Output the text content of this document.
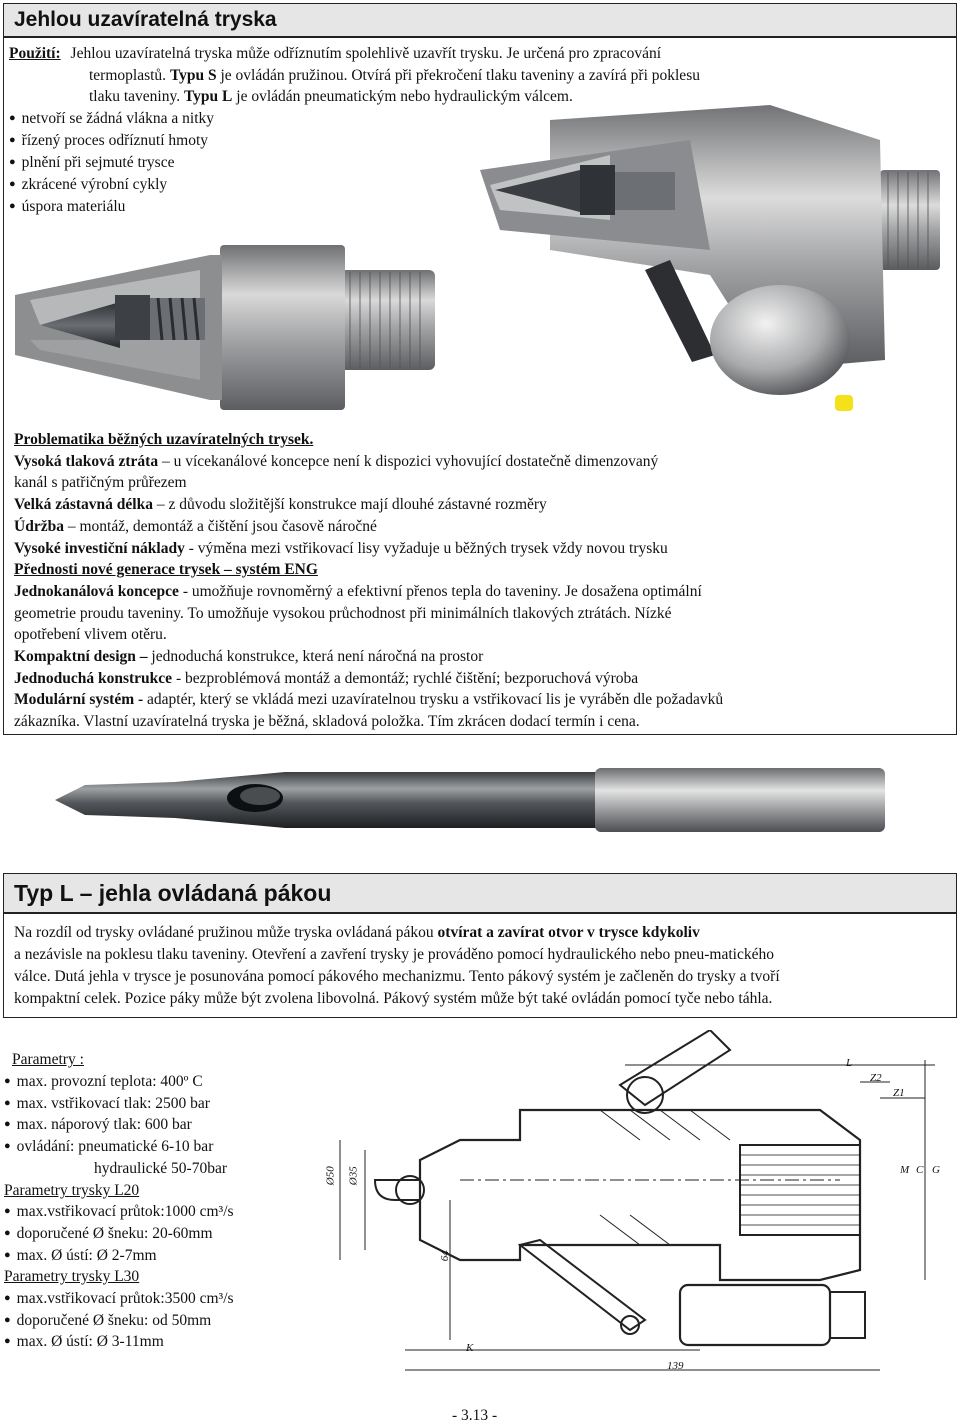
Jehlou uzavíratelná tryska
Použití: Jehlou uzavíratelná tryska může odříznutím spolehlivě uzavřít trysku. Je určená pro zpracování
termoplastů. Typu S je ovládán pružinou. Otvírá při překročení tlaku taveniny a zavírá při poklesu
tlaku taveniny. Typu L je ovládán pneumatickým nebo hydraulickým válcem.
● netvoří se žádná vlákna a nitky
● řízený proces odříznutí hmoty
● plnění při sejmuté trysce
● zkrácené výrobní cykly
● úspora materiálu
Problematika běžných uzavíratelných trysek.
Vysoká tlaková ztráta – u vícekanálové koncepce není k dispozici vyhovující dostatečně dimenzovaný
kanál s patřičným průřezem
Velká zástavná délka – z důvodu složitější konstrukce mají dlouhé zástavné rozměry
Údržba – montáž, demontáž a čištění jsou časově náročné
Vysoké investiční náklady - výměna mezi vstřikovací lisy vyžaduje u běžných trysek vždy novou trysku
Přednosti nové generace trysek – systém ENG
Jednokanálová koncepce - umožňuje rovnoměrný a efektivní přenos tepla do taveniny. Je dosažena optimální
geometrie proudu taveniny. To umožňuje vysokou průchodnost při minimálních tlakových ztrátách. Nízké
opotřebení vlivem otěru.
Kompaktní design – jednoduchá konstrukce, která není náročná na prostor
Jednoduchá konstrukce - bezproblémová montáž a demontáž; rychlé čištění; bezporuchová výroba
Modulární systém - adaptér, který se vkládá mezi uzavíratelnou trysku a vstřikovací lis je vyráběn dle požadavků
zákazníka. Vlastní uzavíratelná tryska je běžná, skladová položka. Tím zkrácen dodací termín i cena.
Typ L – jehla ovládaná pákou
Na rozdíl od trysky ovládané pružinou může tryska ovládaná pákou otvírat a zavírat otvor v trysce kdykoliv
a nezávisle na poklesu tlaku taveniny. Otevření a zavření trysky je prováděno pomocí hydraulického nebo pneu-matického
válce. Dutá jehla v trysce je posunována pomocí pákového mechanizmu. Tento pákový systém je začleněn do trysky a tvoří
kompaktní celek. Pozice páky může být zvolena libovolná. Pákový systém může být také ovládán pomocí tyče nebo táhla.
Parametry :
● max. provozní teplota: 400º C
● max. vstřikovací tlak: 2500 bar
● max. náporový tlak: 600 bar
● ovládání: pneumatické 6-10 bar
hydraulické 50-70bar
Parametry trysky L20
● max.vstřikovací průtok:1000 cm³/s
● doporučené Ø šneku: 20-60mm
● max. Ø ústí: Ø 2-7mm
Parametry trysky L30
● max.vstřikovací průtok:3500 cm³/s
● doporučené Ø šneku: od 50mm
● max. Ø ústí: Ø 3-11mm
L
Z2
Z1
Ø50	Ø35	M C G
64
K
139
- 3.13 -
